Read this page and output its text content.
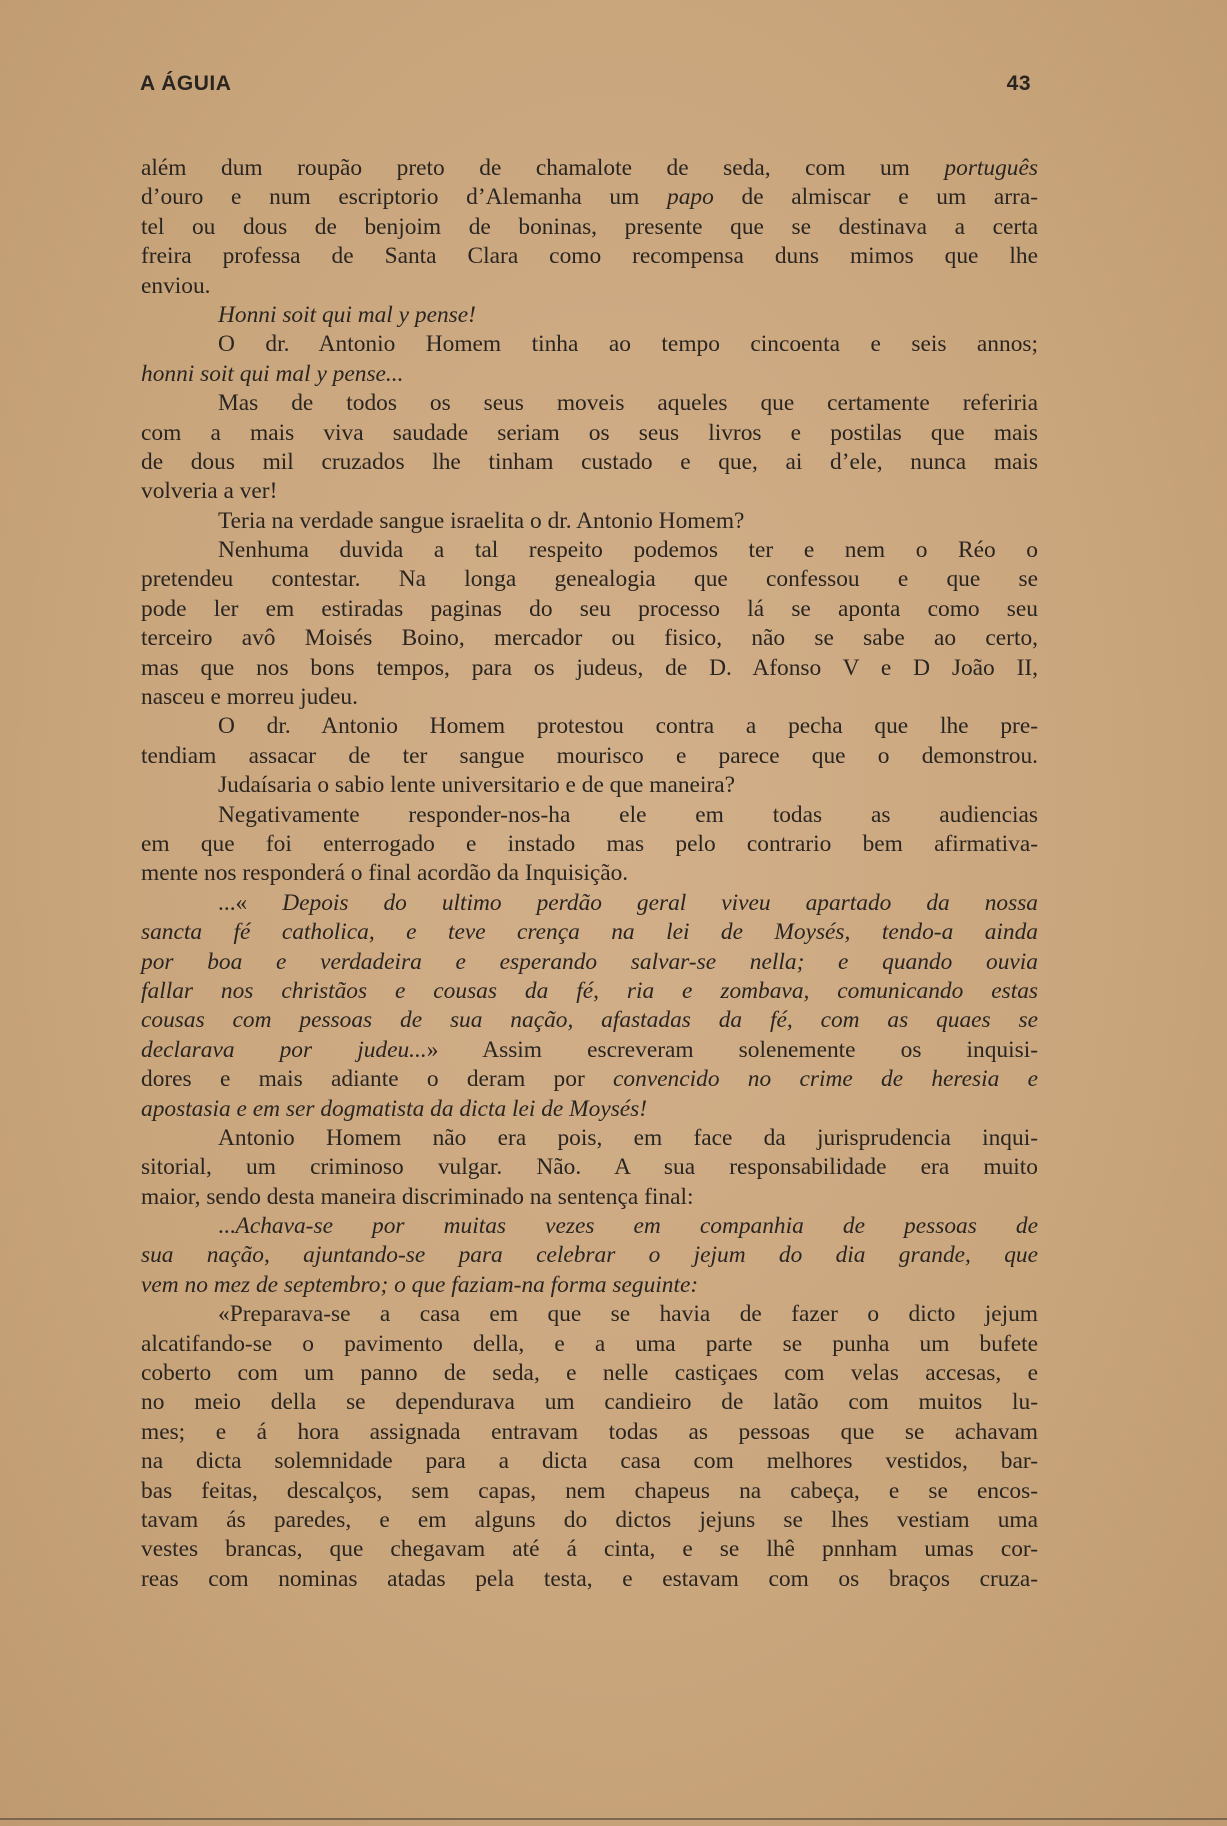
A ÁGUIA	43
além dum roupão preto de chamalote de seda, com um português
d’ouro e num escriptorio d’Alemanha um papo de almiscar e um arra-
tel ou dous de benjoim de boninas, presente que se destinava a certa
freira professa de Santa Clara como recompensa duns mimos que lhe
enviou.
Honni soit qui mal y pense!
O dr. Antonio Homem tinha ao tempo cincoenta e seis annos;
honni soit qui mal y pense...
Mas de todos os seus moveis aqueles que certamente referiria
com a mais viva saudade seriam os seus livros e postilas que mais
de dous mil cruzados lhe tinham custado e que, ai d’ele, nunca mais
volveria a ver!
Teria na verdade sangue israelita o dr. Antonio Homem?
Nenhuma duvida a tal respeito podemos ter e nem o Réo o
pretendeu contestar. Na longa genealogia que confessou e que se
pode ler em estiradas paginas do seu processo lá se aponta como seu
terceiro avô Moisés Boino, mercador ou fisico, não se sabe ao certo,
mas que nos bons tempos, para os judeus, de D. Afonso V e D João II,
nasceu e morreu judeu.
O dr. Antonio Homem protestou contra a pecha que lhe pre-
tendiam assacar de ter sangue mourisco e parece que o demonstrou.
Judaísaria o sabio lente universitario e de que maneira?
Negativamente responder-nos-ha ele em todas as audiencias
em que foi enterrogado e instado mas pelo contrario bem afirmativa-
mente nos responderá o final acordão da Inquisição.
...« Depois do ultimo perdão geral viveu apartado da nossa
sancta fé catholica, e teve crença na lei de Moysés, tendo-a ainda
por boa e verdadeira e esperando salvar-se nella; e quando ouvia
fallar nos christãos e cousas da fé, ria e zombava, comunicando estas
cousas com pessoas de sua nação, afastadas da fé, com as quaes se
declarava por judeu...» Assim escreveram solenemente os inquisi-
dores e mais adiante o deram por convencido no crime de heresia e
apostasia e em ser dogmatista da dicta lei de Moysés!
Antonio Homem não era pois, em face da jurisprudencia inqui-
sitorial, um criminoso vulgar. Não. A sua responsabilidade era muito
maior, sendo desta maneira discriminado na sentença final:
...Achava-se por muitas vezes em companhia de pessoas de
sua nação, ajuntando-se para celebrar o jejum do dia grande, que
vem no mez de septembro; o que faziam-na forma seguinte:
«Preparava-se a casa em que se havia de fazer o dicto jejum
alcatifando-se o pavimento della, e a uma parte se punha um bufete
coberto com um panno de seda, e nelle castiçaes com velas accesas, e
no meio della se dependurava um candieiro de latão com muitos lu-
mes; e á hora assignada entravam todas as pessoas que se achavam
na dicta solemnidade para a dicta casa com melhores vestidos, bar-
bas feitas, descalços, sem capas, nem chapeus na cabeça, e se encos-
tavam ás paredes, e em alguns do dictos jejuns se lhes vestiam uma
vestes brancas, que chegavam até á cinta, e se lhê pnnham umas cor-
reas com nominas atadas pela testa, e estavam com os braços cruza-
